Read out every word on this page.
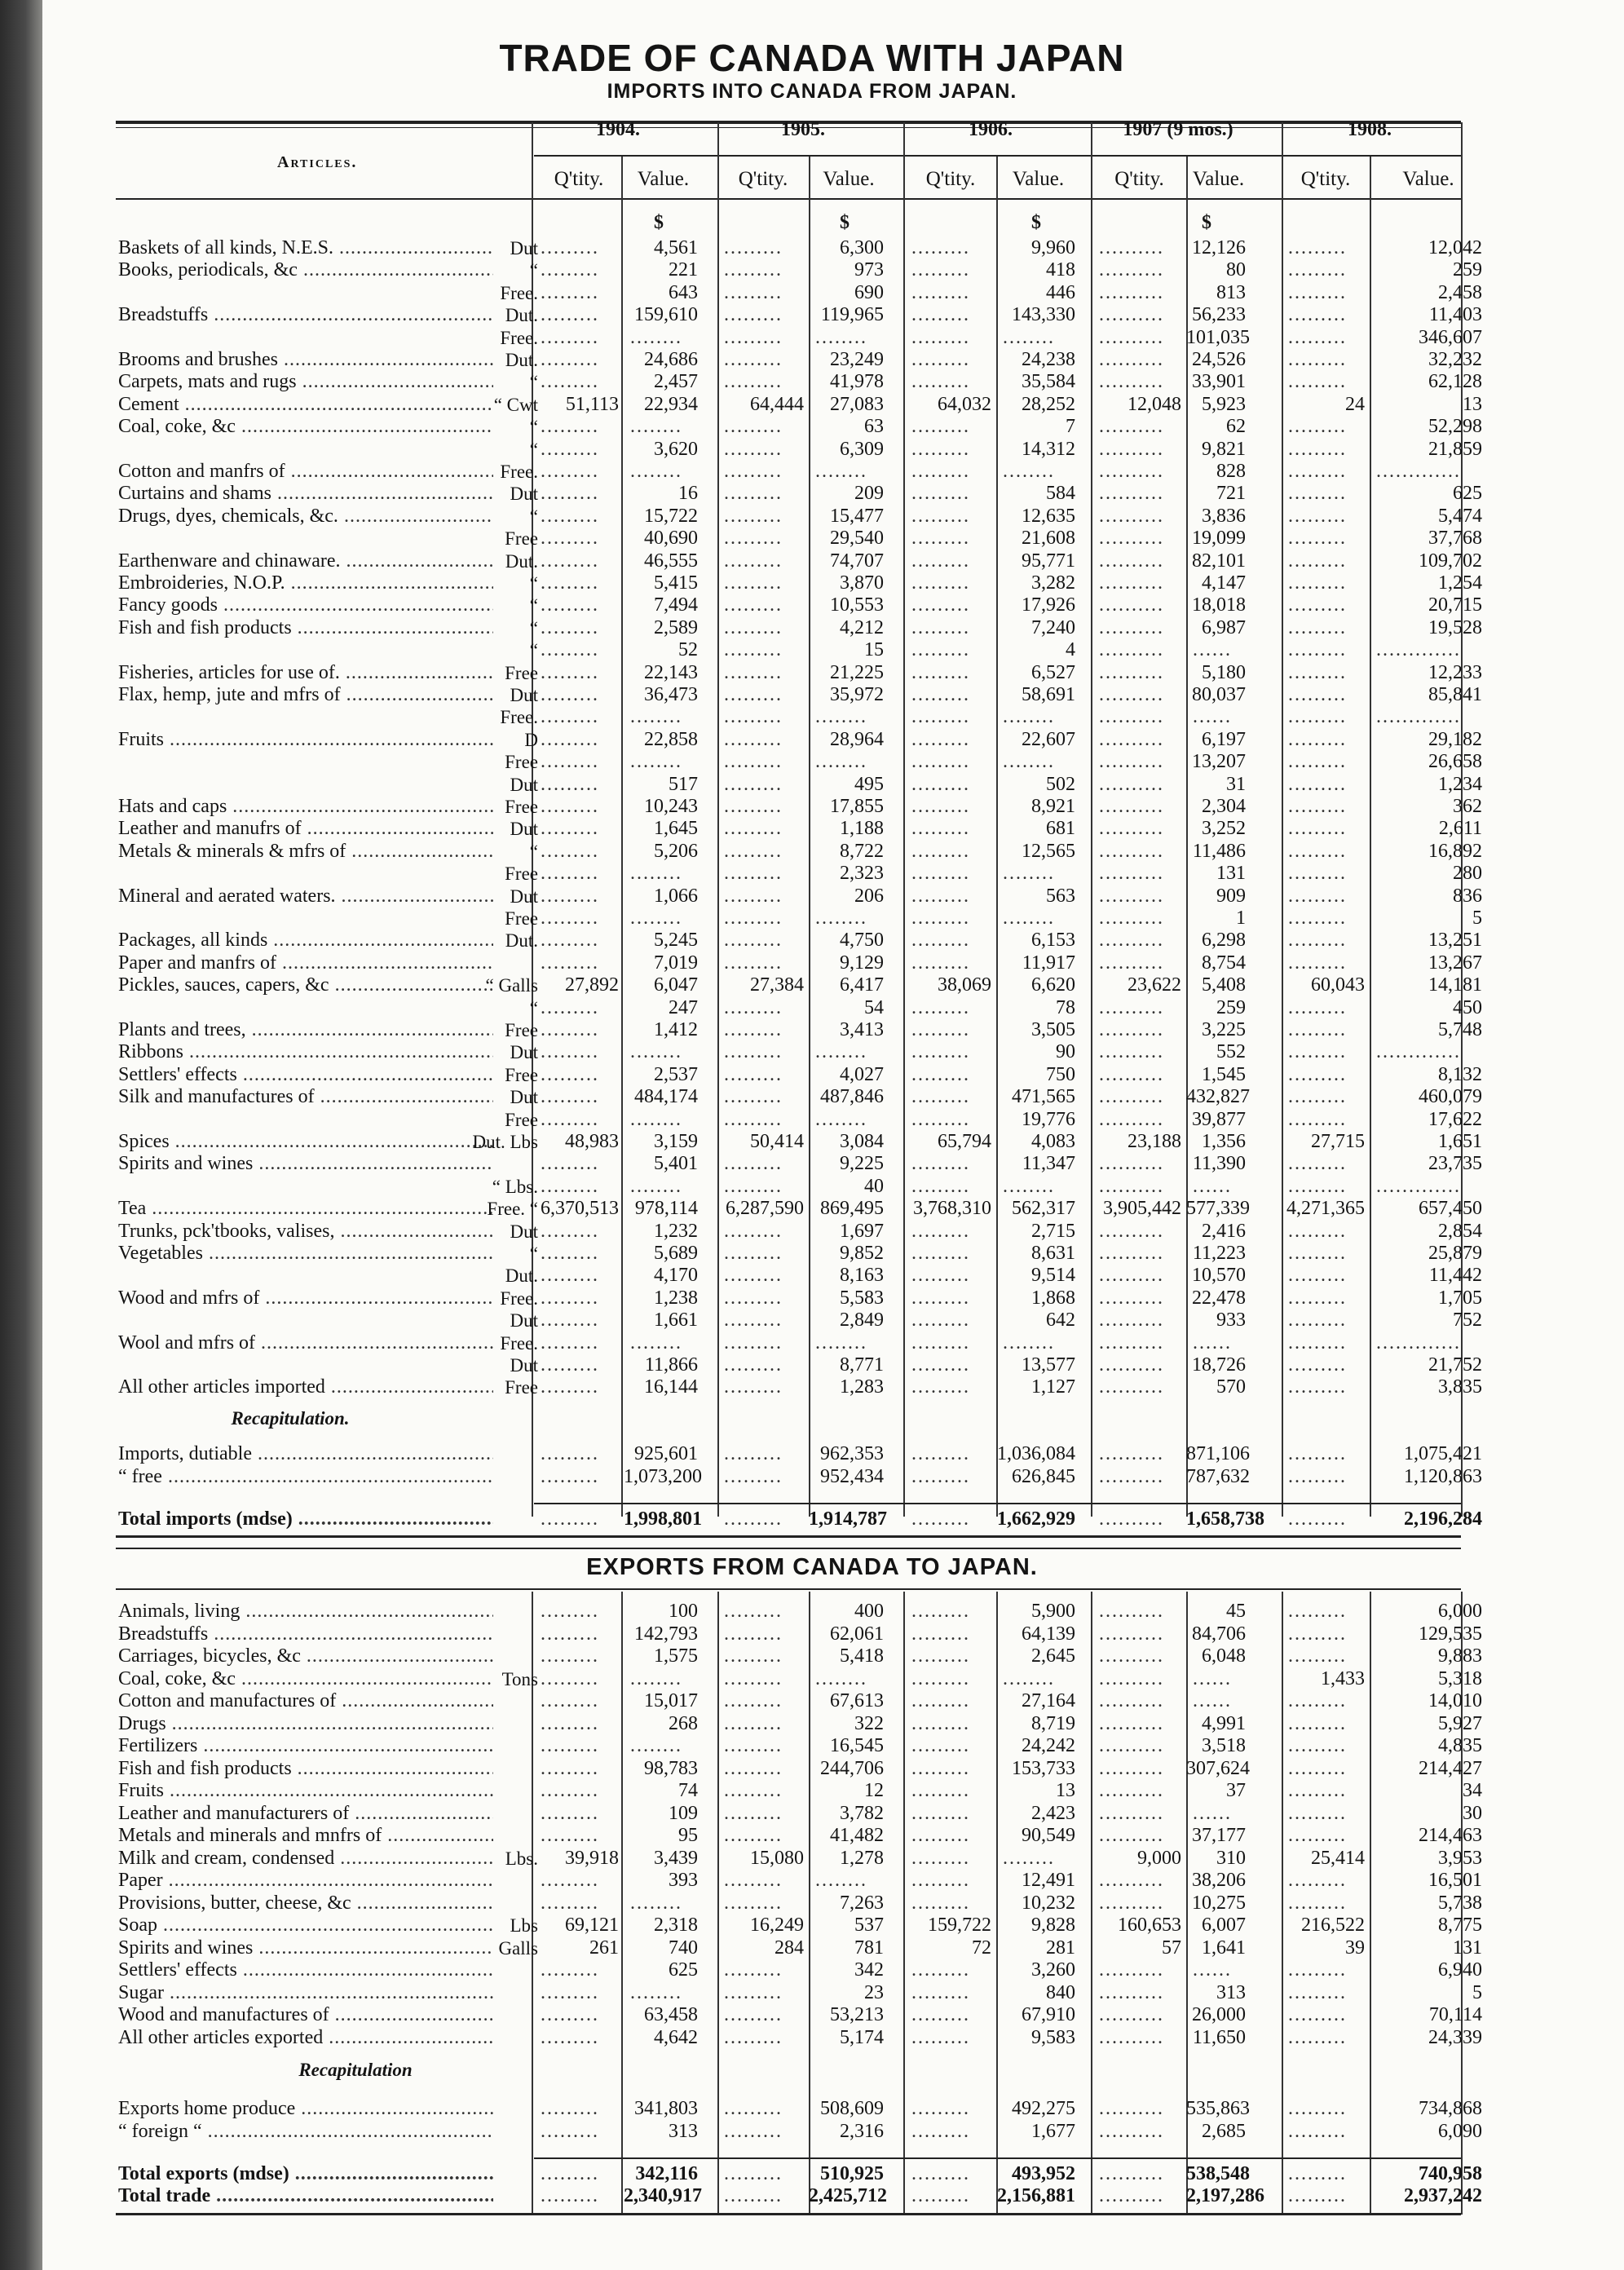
TRADE OF CANADA WITH JAPAN
IMPORTS INTO CANADA FROM JAPAN.
Articles.
1904.
Q'tity.	Value.
1905.
Q'tity.	Value.
1906.
Q'tity.	Value.
1907 (9 mos.)
Q'tity.	Value.
1908.
Q'tity.	Value.
$	$	$	$
Baskets of all kinds, N.E.S. .....	Dut .........	4,561 .........	6,300 .........	9,960 ..........	12,126 .........	12,042
Books, periodicals, &c .....	“ .........	221 .........	973 .........	418 ..........	80 .........	259
Free. .........	643 .........	690 .........	446 ..........	813 .........	2,458
Breadstuffs .....	Dut. .........	159,610 .........	119,965 .........	143,330 ..........	56,233 .........	11,403
Free. .........	........	.........	........	.........	........	..........	101,035 .........	346,607
Brooms and brushes .....	Dut. .........	24,686 .........	23,249 .........	24,238 ..........	24,526 .........	32,232
Carpets, mats and rugs .....	“ .........	2,457 .........	41,978 .........	35,584 ..........	33,901 .........	62,128
Cement .....	“ Cwt	51,113	22,934	64,444	27,083	64,032	28,252	12,048	5,923	24	13
Coal, coke, &c .....	“ .........	........	.........	63 .........	7 ..........	62 .........	52,298
“ .........	3,620 .........	6,309 .........	14,312 ..........	9,821 .........	21,859
Cotton and manfrs of .....	Free. .........	........	.........	........	.........	........	..........	828 .........	.............
Curtains and shams .....	Dut .........	16 .........	209 .........	584 ..........	721 .........	625
Drugs, dyes, chemicals, &c. .....	“ .........	15,722 .........	15,477 .........	12,635 ..........	3,836 .........	5,474
Free .........	40,690 .........	29,540 .........	21,608 ..........	19,099 .........	37,768
Earthenware and chinaware. .....	Dut. .........	46,555 .........	74,707 .........	95,771 ..........	82,101 .........	109,702
Embroideries, N.O.P. .....	“ .........	5,415 .........	3,870 .........	3,282 ..........	4,147 .........	1,254
Fancy goods .....	“ .........	7,494 .........	10,553 .........	17,926 ..........	18,018 .........	20,715
Fish and fish products .....	“ .........	2,589 .........	4,212 .........	7,240 ..........	6,987 .........	19,528
“ .........	52 .........	15 .........	4 ..........	......	.........	.............
Fisheries, articles for use of. .....	Free .........	22,143 .........	21,225 .........	6,527 ..........	5,180 .........	12,233
Flax, hemp, jute and mfrs of .....	Dut .........	36,473 .........	35,972 .........	58,691 ..........	80,037 .........	85,841
Free. .........	........	.........	........	.........	........	..........	......	.........	.............
Fruits .....	D .........	22,858 .........	28,964 .........	22,607 ..........	6,197 .........	29,182
Free .........	........	.........	........	.........	........	..........	13,207 .........	26,658
Dut .........	517 .........	495 .........	502 ..........	31 .........	1,234
Hats and caps .....	Free .........	10,243 .........	17,855 .........	8,921 ..........	2,304 .........	362
Leather and manufrs of .....	Dut .........	1,645 .........	1,188 .........	681 ..........	3,252 .........	2,611
Metals & minerals & mfrs of .....	“ .........	5,206 .........	8,722 .........	12,565 ..........	11,486 .........	16,892
Free .........	........	.........	2,323 .........	........	..........	131 .........	280
Mineral and aerated waters. .....	Dut .........	1,066 .........	206 .........	563 ..........	909 .........	836
Free .........	........	.........	........	.........	........	..........	1 .........	5
Packages, all kinds .....	Dut. .........	5,245 .........	4,750 .........	6,153 ..........	6,298 .........	13,251
Paper and manfrs of .....	.........	7,019 .........	9,129 .........	11,917 ..........	8,754 .........	13,267
Pickles, sauces, capers, &c .....	“ Galls	27,892	6,047	27,384	6,417	38,069	6,620	23,622	5,408	60,043	14,181
“ .........	247 .........	54 .........	78 ..........	259 .........	450
Plants and trees, .....	Free .........	1,412 .........	3,413 .........	3,505 ..........	3,225 .........	5,748
Ribbons .....	Dut .........	........	.........	........	.........	90 ..........	552 .........	.............
Settlers' effects .....	Free .........	2,537 .........	4,027 .........	750 ..........	1,545 .........	8,132
Silk and manufactures of .....	Dut .........	484,174 .........	487,846 .........	471,565 ..........	432,827 .........	460,079
Free .........	........	.........	........	.........	19,776 ..........	39,877 .........	17,622
Spices .....	Dut. Lbs	48,983	3,159	50,414	3,084	65,794	4,083	23,188	1,356	27,715	1,651
Spirits and wines .....	.........	5,401 .........	9,225 .........	11,347 ..........	11,390 .........	23,735
“ Lbs. .........	........	.........	40 .........	........	..........	......	.........	.............
Tea .....	Free. “ 6,370,513 978,114	6,287,590 869,495	3,768,310	562,317	3,905,442 577,339 4,271,365	657,450
Trunks, pck'tbooks, valises, .....	Dut .........	1,232 .........	1,697 .........	2,715 ..........	2,416 .........	2,854
Vegetables .....	“ .........	5,689 .........	9,852 .........	8,631 ..........	11,223 .........	25,879
Dut. .........	4,170 .........	8,163 .........	9,514 ..........	10,570 .........	11,442
Wood and mfrs of .....	Free. .........	1,238 .........	5,583 .........	1,868 ..........	22,478 .........	1,705
Dut .........	1,661 .........	2,849 .........	642 ..........	933 .........	752
Wool and mfrs of .....	Free. .........	........	.........	........	.........	........	..........	......	.........	.............
Dut .........	11,866 .........	8,771 .........	13,577 ..........	18,726 .........	21,752
All other articles imported .....	Free .........	16,144 .........	1,283 .........	1,127 ..........	570 .........	3,835
Imports, dutiable .....	.........	925,601 .........	962,353 .........	1,036,084 ..........	871,106 .........	1,075,421
“ free .....	.........	1,073,200 .........	952,434 .........	626,845 ..........	787,632 .........	1,120,863
Total imports (mdse) .....	.........	1,998,801 .........	1,914,787 .........	1,662,929 ..........	1,658,738 .........	2,196,284
EXPORTS FROM CANADA TO JAPAN.
Animals, living .....	.........	100 .........	400 .........	5,900 ..........	45 .........	6,000
Breadstuffs .....	.........	142,793 .........	62,061 .........	64,139 ..........	84,706 .........	129,535
Carriages, bicycles, &c .....	.........	1,575 .........	5,418 .........	2,645 ..........	6,048 .........	9,883
Coal, coke, &c .....	Tons .........	........	.........	........	.........	........	..........	......	1,433	5,318
Cotton and manufactures of .....	.........	15,017 .........	67,613 .........	27,164 ..........	......	.........	14,010
Drugs .....	.........	268 .........	322 .........	8,719 ..........	4,991 .........	5,927
Fertilizers .....	.........	........	.........	16,545 .........	24,242 ..........	3,518 .........	4,835
Fish and fish products .....	.........	98,783 .........	244,706 .........	153,733 ..........	307,624 .........	214,427
Fruits .....	.........	74 .........	12 .........	13 ..........	37 .........	34
Leather and manufacturers of .....	.........	109 .........	3,782 .........	2,423 ..........	......	.........	30
Metals and minerals and mnfrs of .....	.........	95 .........	41,482 .........	90,549 ..........	37,177 .........	214,463
Milk and cream, condensed .....	Lbs.	39,918	3,439	15,080	1,278 .........	........	9,000	310	25,414	3,953
Paper .....	.........	393 .........	........	.........	12,491 ..........	38,206 .........	16,501
Provisions, butter, cheese, &c .....	.........	........	.........	7,263 .........	10,232 ..........	10,275 .........	5,738
Soap .....	Lbs	69,121	2,318	16,249	537	159,722	9,828	160,653	6,007	216,522	8,775
Spirits and wines .....	Galls	261	740	284	781	72	281	57	1,641	39	131
Settlers' effects .....	.........	625 .........	342 .........	3,260 ..........	......	.........	6,940
Sugar .....	.........	........	.........	23 .........	840 ..........	313 .........	5
Wood and manufactures of .....	.........	63,458 .........	53,213 .........	67,910 ..........	26,000 .........	70,114
All other articles exported .....	.........	4,642 .........	5,174 .........	9,583 ..........	11,650 .........	24,339
Exports home produce .....	.........	341,803 .........	508,609 .........	492,275 ..........	535,863 .........	734,868
“ foreign “ .....	.........	313 .........	2,316 .........	1,677 ..........	2,685 .........	6,090
Total exports (mdse) .....	.........	342,116 .........	510,925 .........	493,952 ..........	538,548 .........	740,958
Total trade .....	.........	2,340,917 .........	2,425,712 .........	2,156,881 ..........	2,197,286 .........	2,937,242
Recapitulation.
Recapitulation
